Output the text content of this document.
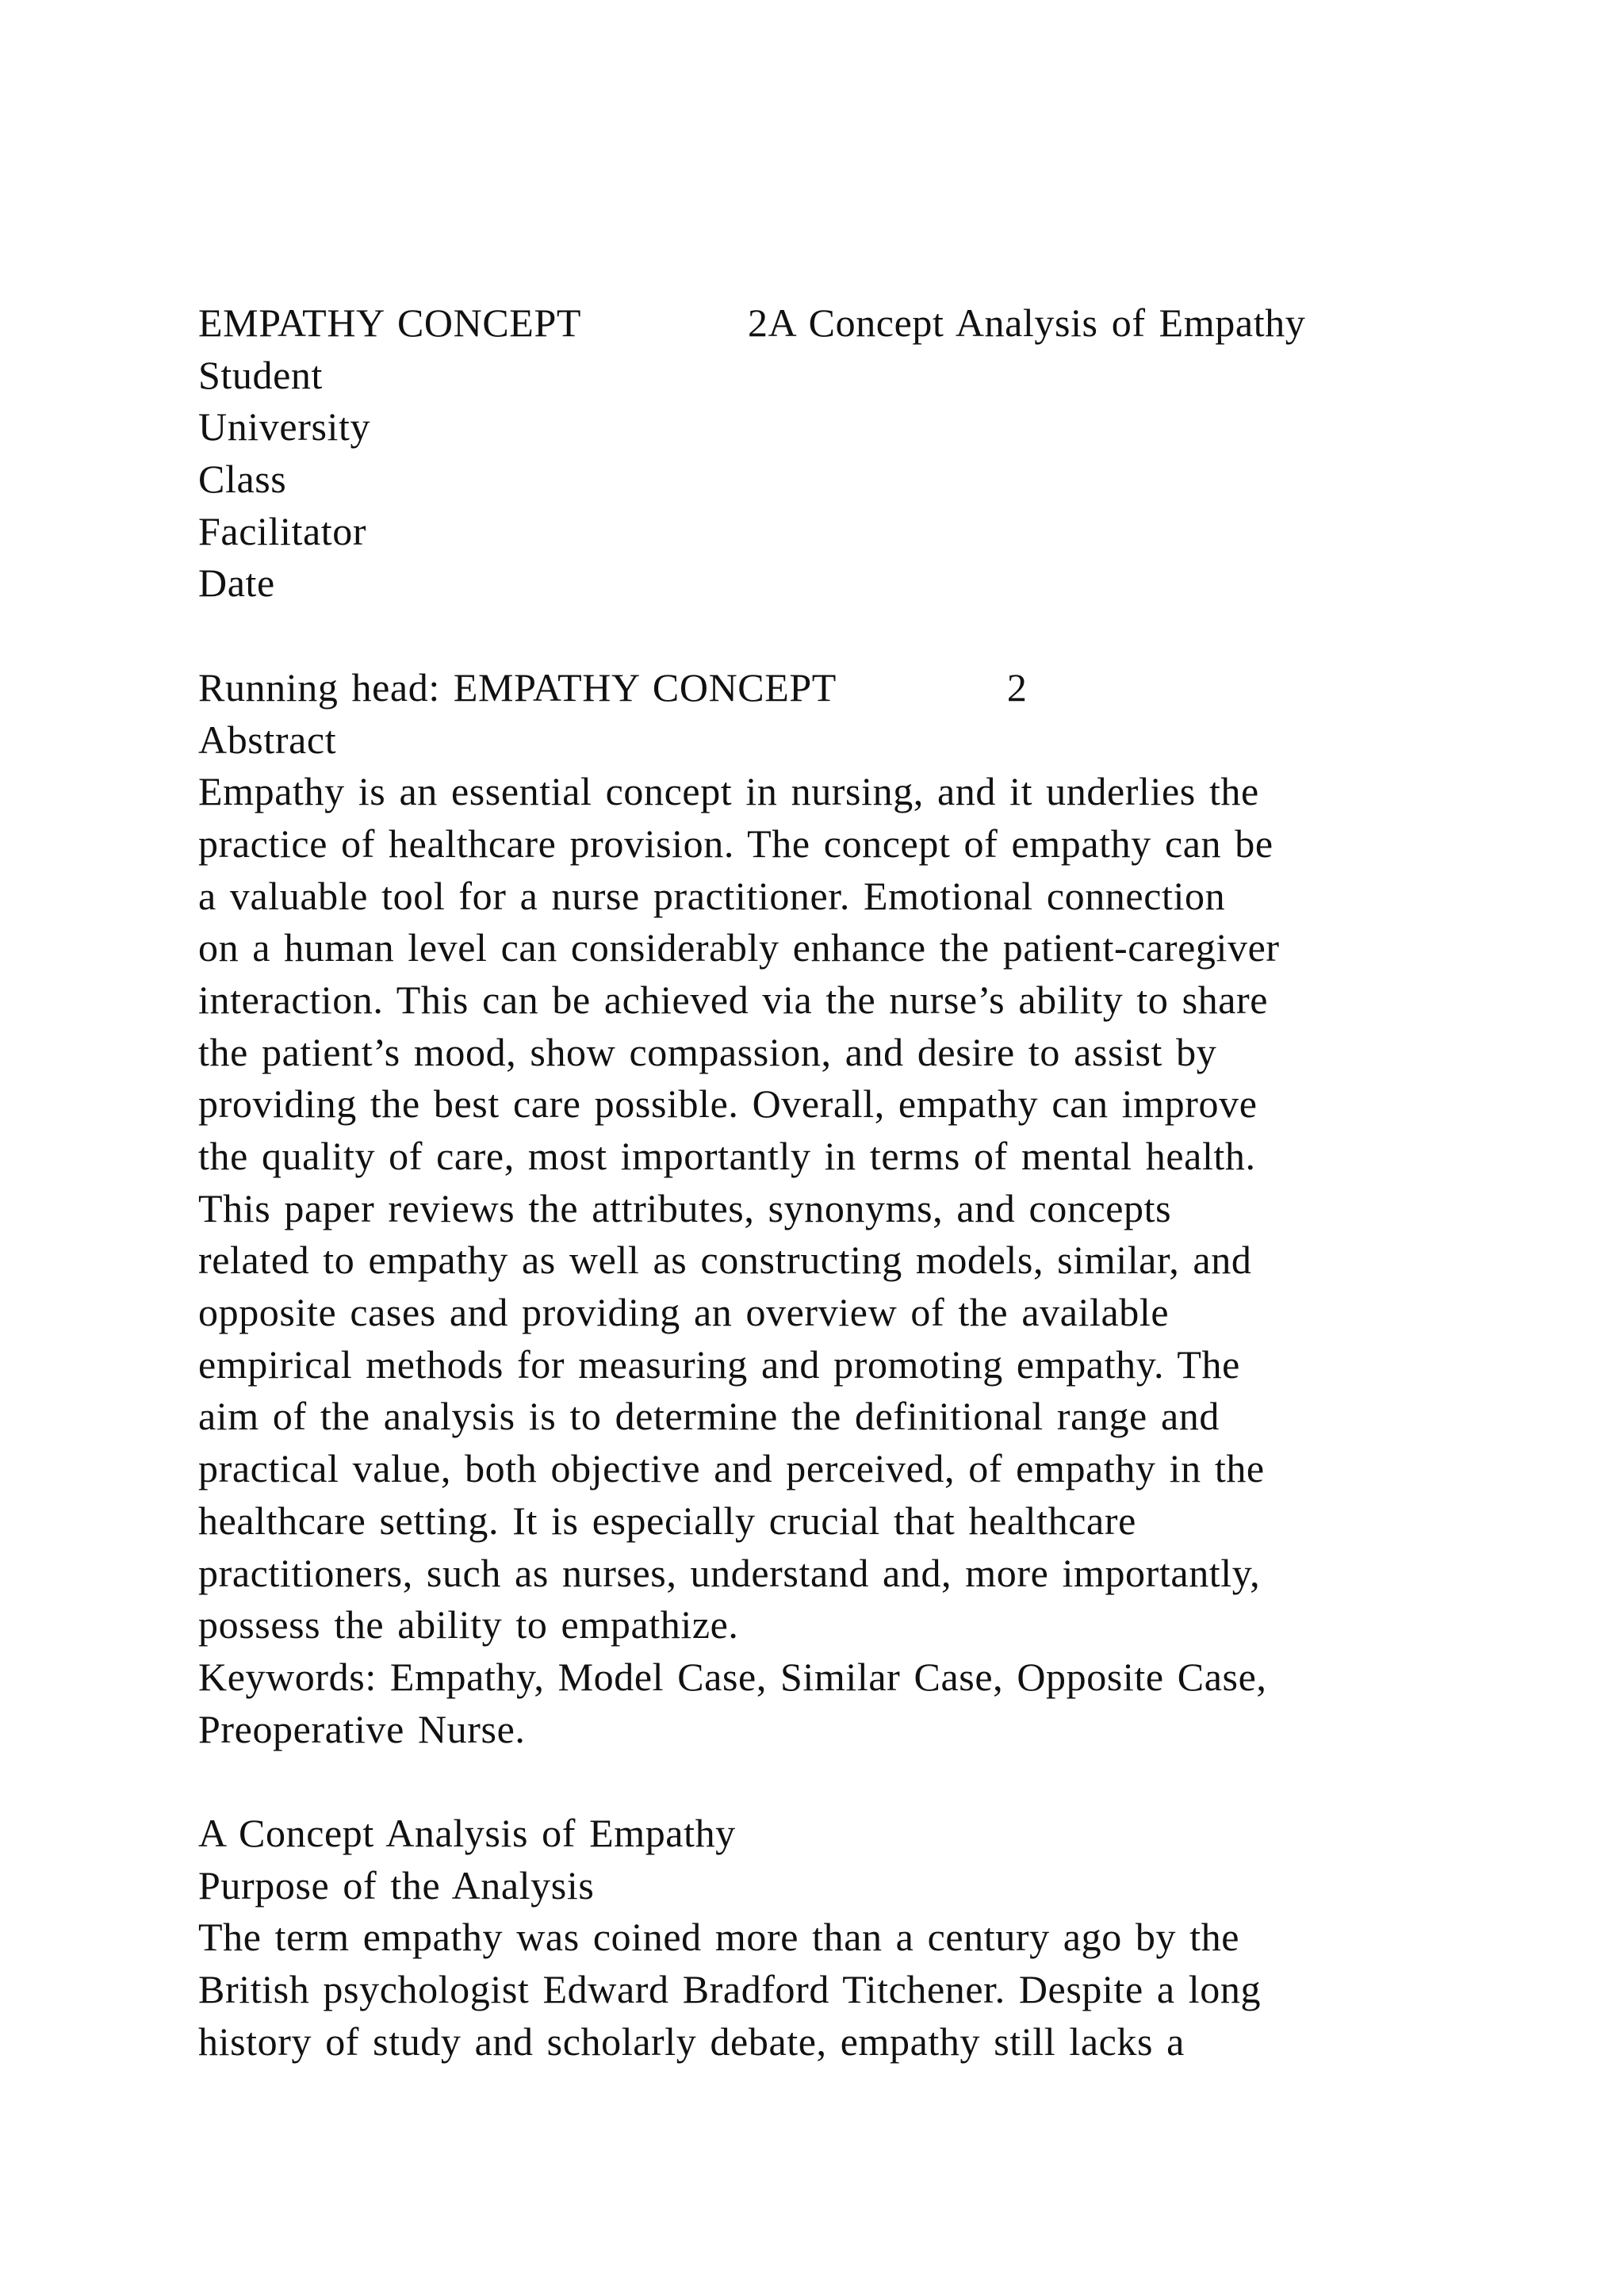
EMPATHY CONCEPT	2A Concept Analysis of Empathy
Student
University
Class
Facilitator
Date
Running head: EMPATHY CONCEPT	2
Abstract
Empathy is an essential concept in nursing, and it underlies the
practice of healthcare provision. The concept of empathy can be
a valuable tool for a nurse practitioner. Emotional connection
on a human level can considerably enhance the patient-caregiver
interaction. This can be achieved via the nurse’s ability to share
the patient’s mood, show compassion, and desire to assist by
providing the best care possible. Overall, empathy can improve
the quality of care, most importantly in terms of mental health.
This paper reviews the attributes, synonyms, and concepts
related to empathy as well as constructing models, similar, and
opposite cases and providing an overview of the available
empirical methods for measuring and promoting empathy. The
aim of the analysis is to determine the definitional range and
practical value, both objective and perceived, of empathy in the
healthcare setting. It is especially crucial that healthcare
practitioners, such as nurses, understand and, more importantly,
possess the ability to empathize.
Keywords: Empathy, Model Case, Similar Case, Opposite Case,
Preoperative Nurse.
A Concept Analysis of Empathy
Purpose of the Analysis
The term empathy was coined more than a century ago by the
British psychologist Edward Bradford Titchener. Despite a long
history of study and scholarly debate, empathy still lacks a
